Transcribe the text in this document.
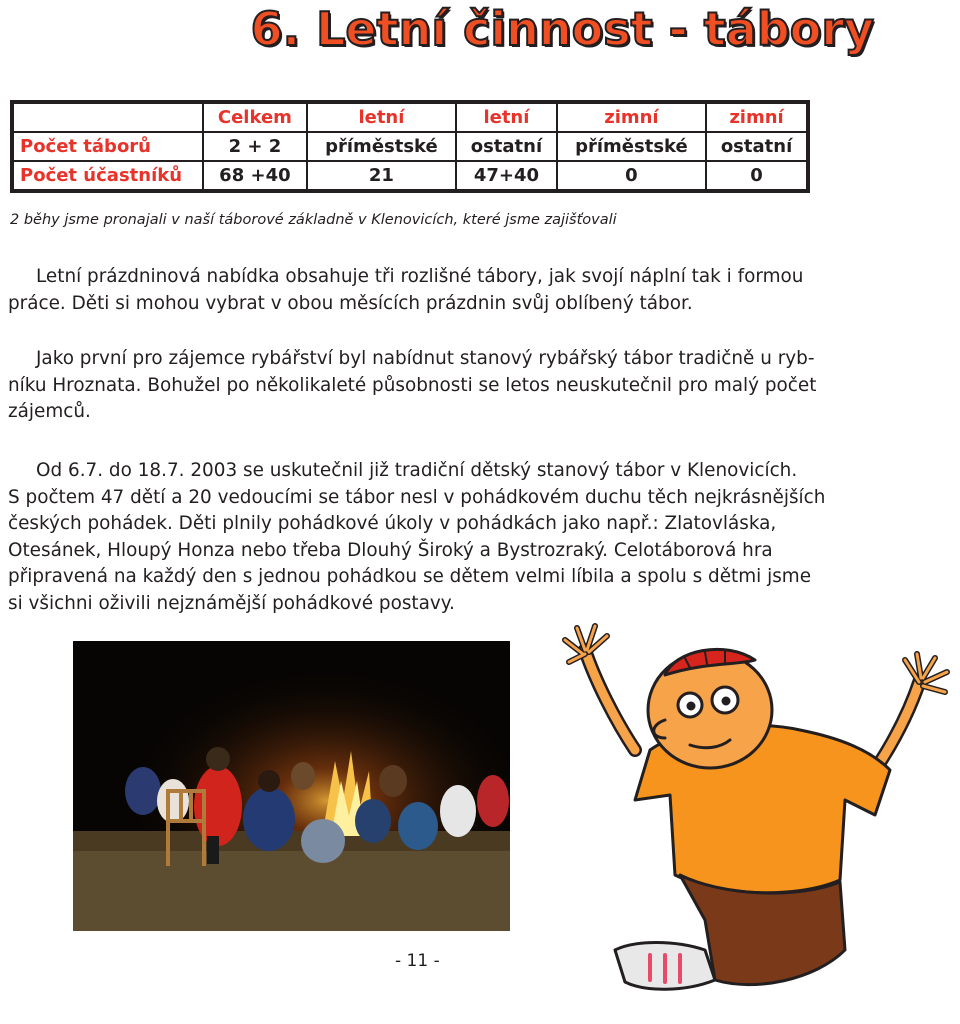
6. Letní činnost - tábory
	Celkem	letní	letní	zimní	zimní
Počet táborů	2 + 2	příměstské	ostatní	příměstské	ostatní
Počet účastníků	68 +40	21	47+40	0	0
2 běhy jsme pronajali v naší táborové základně v Klenovicích, které jsme zajišťovali

Letní prázdninová nabídka obsahuje tři rozlišné tábory, jak svojí náplní tak i formou
práce. Děti si mohou vybrat v obou měsících prázdnin svůj oblíbený tábor.

Jako první pro zájemce rybářství byl nabídnut stanový rybářský tábor tradičně u ryb-
níku Hroznata. Bohužel po několikaleté působnosti se letos neuskutečnil pro malý počet
zájemců.

Od 6.7. do 18.7. 2003 se uskutečnil již tradiční dětský stanový tábor v Klenovicích.
S počtem 47 dětí a 20 vedoucími se tábor nesl v pohádkovém duchu těch nejkrásnějších
českých pohádek. Děti plnily pohádkové úkoly v pohádkách jako např.: Zlatovláska,
Otesánek, Hloupý Honza nebo třeba Dlouhý Široký a Bystrozraký. Celotáborová hra
připravená na každý den s jednou pohádkou se dětem velmi líbila a spolu s dětmi jsme
si všichni oživili nejznámější pohádkové postavy.

- 11 -
